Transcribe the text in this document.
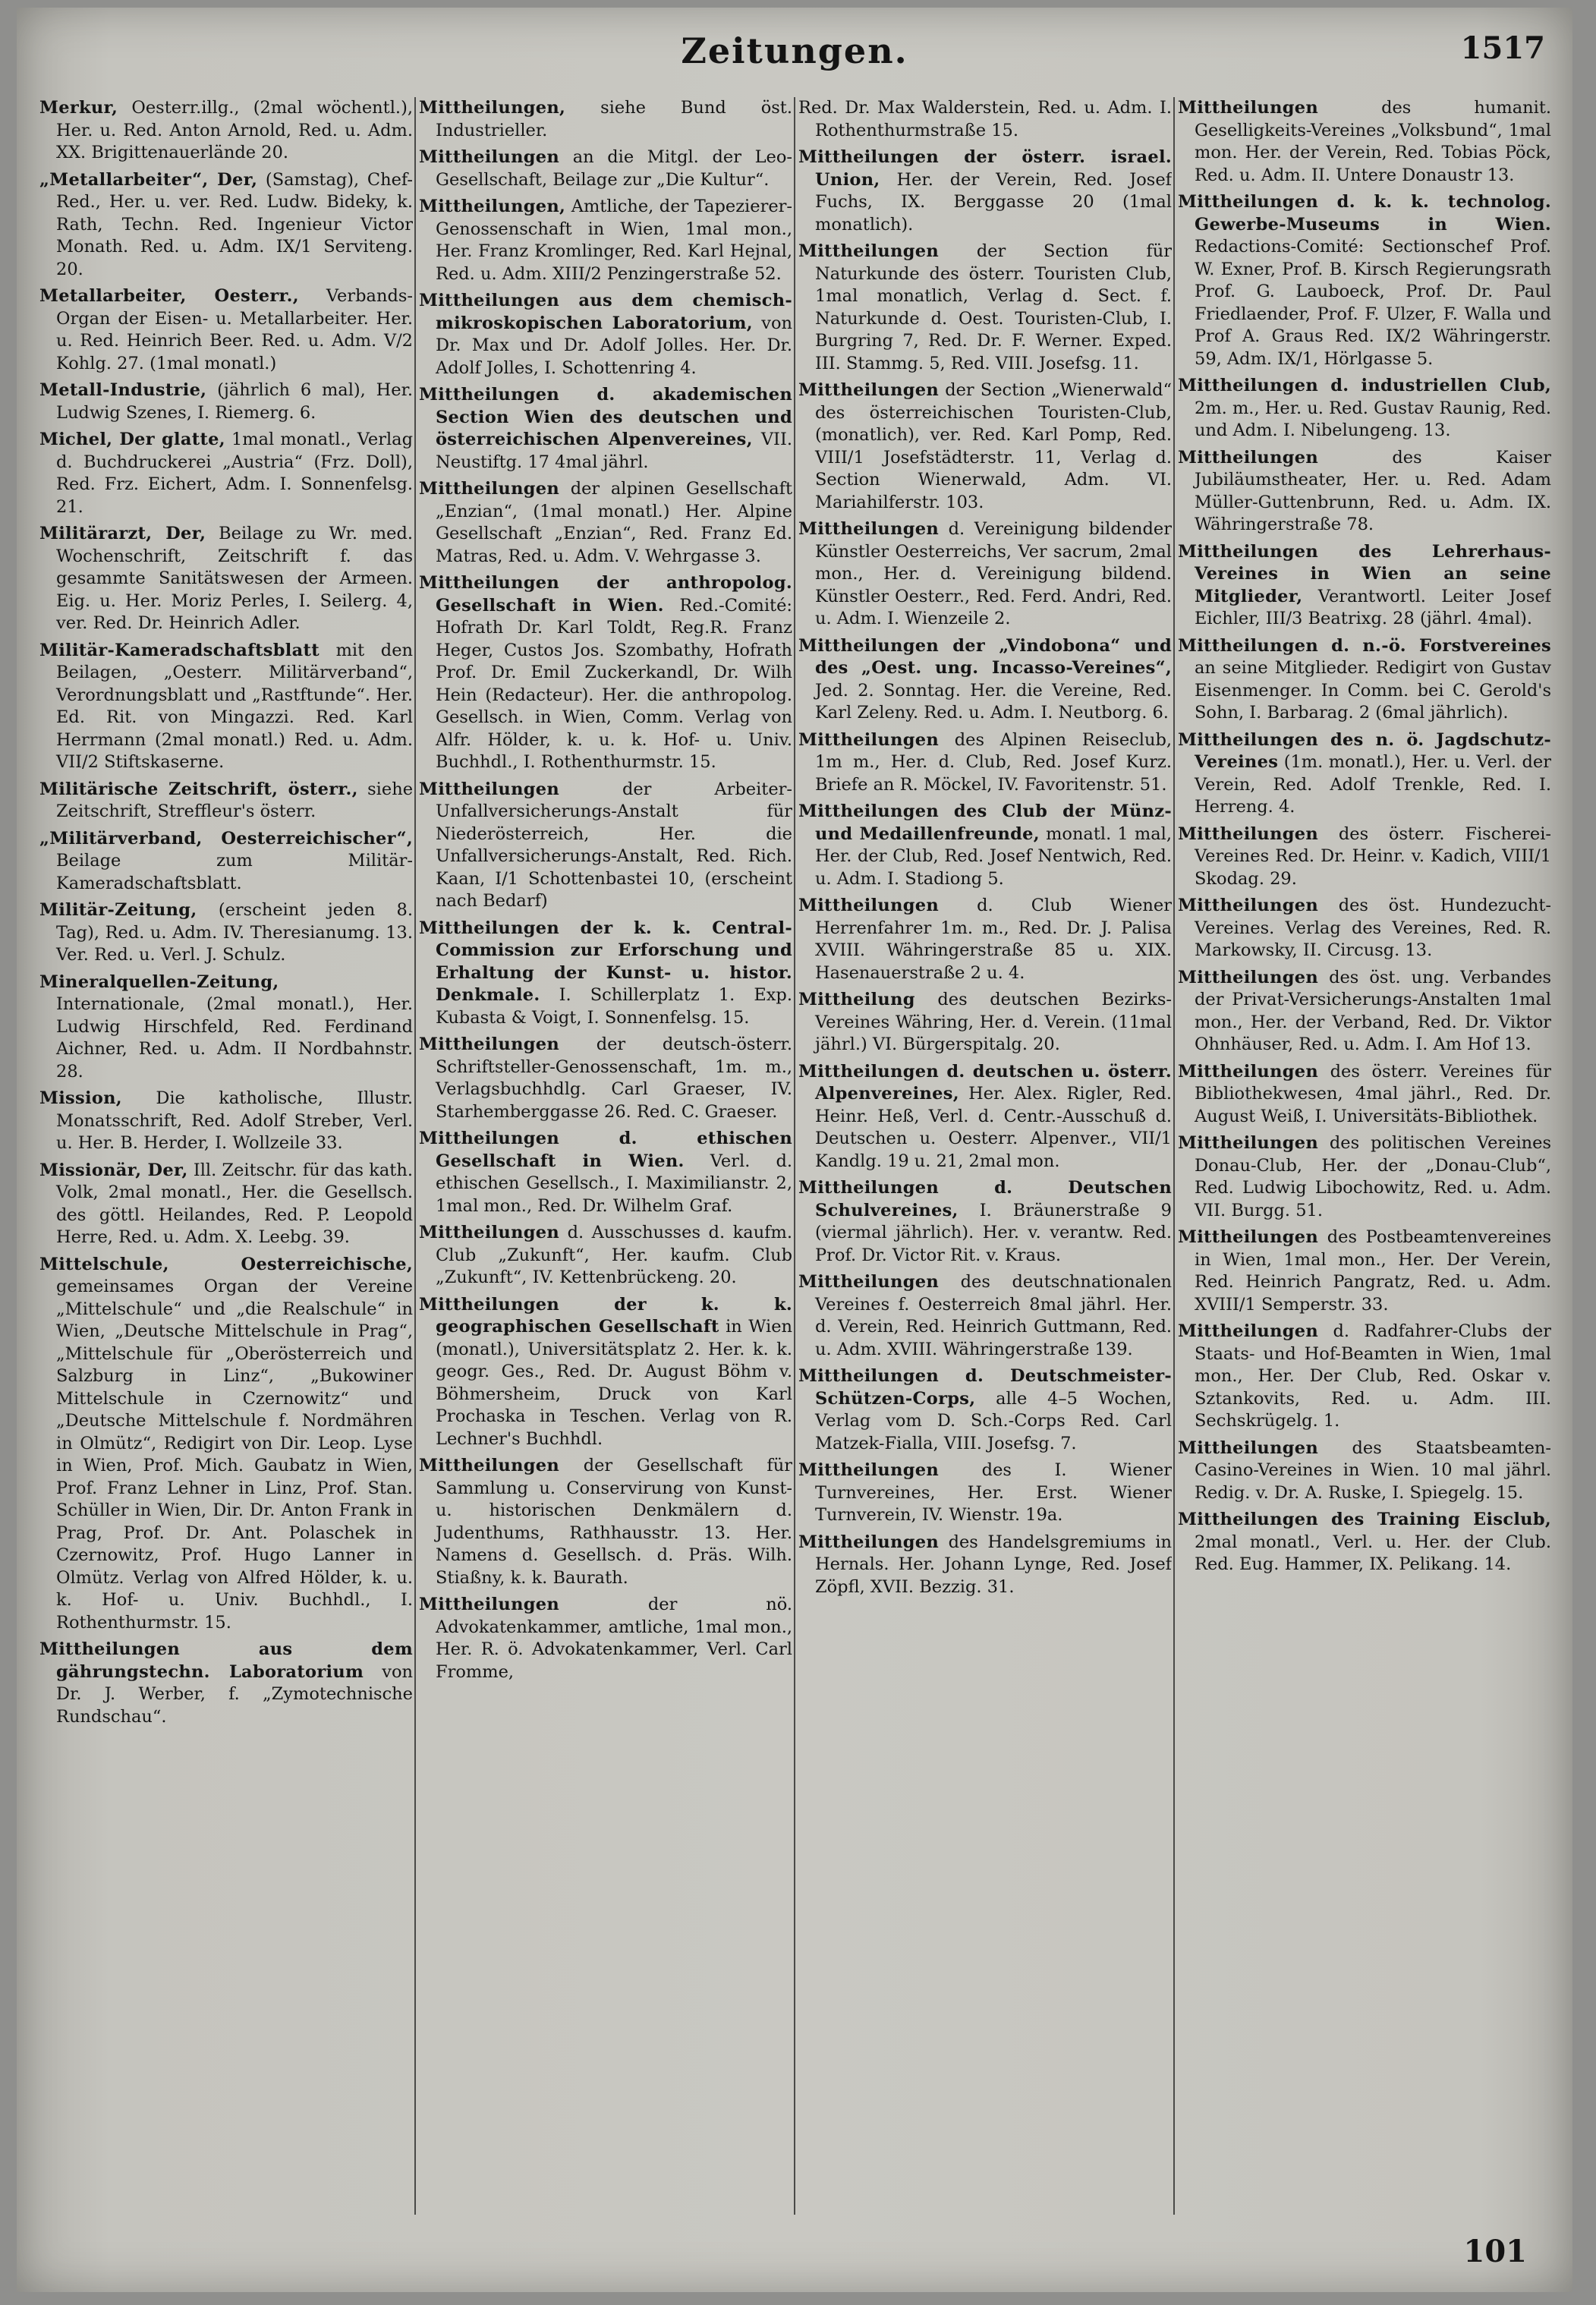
Zeitungen.	1517

Merkur, Oesterr.illg., (2mal wöchentl.), Her. u. Red. Anton Arnold, Red. u. Adm. XX. Brigittenauerlände 20.

„Metallarbeiter“, Der, (Samstag), Chef-Red., Her. u. ver. Red. Ludw. Bideky, k. Rath, Techn. Red. Ingenieur Victor Monath. Red. u. Adm. IX/1 Serviteng. 20.

Metallarbeiter, Oesterr., Verbands-Organ der Eisen- u. Metallarbeiter. Her. u. Red. Heinrich Beer. Red. u. Adm. V/2 Kohlg. 27. (1mal monatl.)

Metall-Industrie, (jährlich 6 mal), Her. Ludwig Szenes, I. Riemerg. 6.

Michel, Der glatte, 1mal monatl., Verlag d. Buchdruckerei „Austria“ (Frz. Doll), Red. Frz. Eichert, Adm. I. Sonnenfelsg. 21.

Militärarzt, Der, Beilage zu Wr. med. Wochenschrift, Zeitschrift f. das gesammte Sanitätswesen der Armeen. Eig. u. Her. Moriz Perles, I. Seilerg. 4, ver. Red. Dr. Heinrich Adler.

Militär-Kameradschaftsblatt mit den Beilagen, „Oesterr. Militärverband“, Verordnungsblatt und „Rastftunde“. Her. Ed. Rit. von Mingazzi. Red. Karl Herrmann (2mal monatl.) Red. u. Adm. VII/2 Stiftskaserne.

Militärische Zeitschrift, österr., siehe Zeitschrift, Streffleur's österr.

„Militärverband, Oesterreichischer“, Beilage zum Militär-Kameradschaftsblatt.

Militär-Zeitung, (erscheint jeden 8. Tag), Red. u. Adm. IV. Theresianumg. 13. Ver. Red. u. Verl. J. Schulz.

Mineralquellen-Zeitung, Internationale, (2mal monatl.), Her. Ludwig Hirschfeld, Red. Ferdinand Aichner, Red. u. Adm. II Nordbahnstr. 28.

Mission, Die katholische, Illustr. Monatsschrift, Red. Adolf Streber, Verl. u. Her. B. Herder, I. Wollzeile 33.

Missionär, Der, Ill. Zeitschr. für das kath. Volk, 2mal monatl., Her. die Gesellsch. des göttl. Heilandes, Red. P. Leopold Herre, Red. u. Adm. X. Leebg. 39.

Mittelschule, Oesterreichische, gemeinsames Organ der Vereine „Mittelschule“ und „die Realschule“ in Wien, „Deutsche Mittelschule in Prag“, „Mittelschule für „Oberösterreich und Salzburg in Linz“, „Bukowiner Mittelschule in Czernowitz“ und „Deutsche Mittelschule f. Nordmähren in Olmütz“, Redigirt von Dir. Leop. Lyse in Wien, Prof. Mich. Gaubatz in Wien, Prof. Franz Lehner in Linz, Prof. Stan. Schüller in Wien, Dir. Dr. Anton Frank in Prag, Prof. Dr. Ant. Polaschek in Czernowitz, Prof. Hugo Lanner in Olmütz. Verlag von Alfred Hölder, k. u. k. Hof- u. Univ. Buchhdl., I. Rothenthurmstr. 15.

Mittheilungen aus dem gährungstechn. Laboratorium von Dr. J. Werber, f. „Zymotechnische Rundschau“.

Mittheilungen, siehe Bund öst. Industrieller.

Mittheilungen an die Mitgl. der Leo-Gesellschaft, Beilage zur „Die Kultur“.

Mittheilungen, Amtliche, der Tapezierer-Genossenschaft in Wien, 1mal mon., Her. Franz Kromlinger, Red. Karl Hejnal, Red. u. Adm. XIII/2 Penzingerstraße 52.

Mittheilungen aus dem chemisch-mikroskopischen Laboratorium, von Dr. Max und Dr. Adolf Jolles. Her. Dr. Adolf Jolles, I. Schottenring 4.

Mittheilungen d. akademischen Section Wien des deutschen und österreichischen Alpenvereines, VII. Neustiftg. 17 4mal jährl.

Mittheilungen der alpinen Gesellschaft „Enzian“, (1mal monatl.) Her. Alpine Gesellschaft „Enzian“, Red. Franz Ed. Matras, Red. u. Adm. V. Wehrgasse 3.

Mittheilungen der anthropolog. Gesellschaft in Wien. Red.-Comité: Hofrath Dr. Karl Toldt, Reg.R. Franz Heger, Custos Jos. Szombathy, Hofrath Prof. Dr. Emil Zuckerkandl, Dr. Wilh Hein (Redacteur). Her. die anthropolog. Gesellsch. in Wien, Comm. Verlag von Alfr. Hölder, k. u. k. Hof- u. Univ. Buchhdl., I. Rothenthurmstr. 15.

Mittheilungen	der Arbeiter-Unfallversicherungs-Anstalt für Niederösterreich, Her. die Unfallversicherungs-Anstalt, Red. Rich. Kaan, I/1 Schottenbastei 10, (erscheint nach Bedarf)

Mittheilungen der k. k. Central-Commission zur Erforschung und Erhaltung der Kunst- u. histor. Denkmale. I. Schillerplatz 1. Exp. Kubasta & Voigt, I. Sonnenfelsg. 15.

Mittheilungen der deutsch-österr. Schriftsteller-Genossenschaft, 1m. m., Verlagsbuchhdlg. Carl Graeser, IV. Starhemberggasse 26. Red. C. Graeser.

Mittheilungen d. ethischen Gesellschaft in Wien. Verl. d. ethischen Gesellsch., I. Maximilianstr. 2, 1mal mon., Red. Dr. Wilhelm Graf.

Mittheilungen d. Ausschusses d. kaufm. Club „Zukunft“, Her. kaufm. Club „Zukunft“, IV. Kettenbrückeng. 20.

Mittheilungen der k. k. geographischen Gesellschaft in Wien (monatl.), Universitätsplatz 2. Her. k. k. geogr. Ges., Red. Dr. August Böhm v. Böhmersheim, Druck von Karl Prochaska in Teschen. Verlag von R. Lechner's Buchhdl.

Mittheilungen der Gesellschaft für Sammlung u. Conservirung von Kunst- u. historischen Denkmälern d. Judenthums, Rathhausstr. 13. Her. Namens d. Gesellsch. d. Präs. Wilh. Stiaßny, k. k. Baurath.

Mittheilungen	der nö. Advokatenkammer, amtliche, 1mal mon., Her. R. ö. Advokatenkammer, Verl. Carl Fromme,

Red. Dr. Max Walderstein, Red. u. Adm. I. Rothenthurmstraße 15.

Mittheilungen der österr. israel. Union, Her. der Verein, Red. Josef Fuchs, IX. Berggasse 20 (1mal monatlich).

Mittheilungen der Section für Naturkunde des österr. Touristen Club, 1mal monatlich, Verlag d. Sect. f. Naturkunde d. Oest. Touristen-Club, I. Burgring 7, Red. Dr. F. Werner. Exped. III. Stammg. 5, Red. VIII. Josefsg. 11.

Mittheilungen der Section „Wienerwald“ des österreichischen Touristen-Club, (monatlich), ver. Red. Karl Pomp, Red. VIII/1 Josefstädterstr. 11, Verlag d. Section Wienerwald, Adm. VI. Mariahilferstr. 103.

Mittheilungen d. Vereinigung bildender Künstler Oesterreichs, Ver sacrum, 2mal mon., Her. d. Vereinigung bildend. Künstler Oesterr., Red. Ferd. Andri, Red. u. Adm. I. Wienzeile 2.

Mittheilungen der „Vindobona“ und des „Oest. ung. Incasso-Vereines“, Jed. 2. Sonntag. Her. die Vereine, Red. Karl Zeleny. Red. u. Adm. I. Neutborg. 6.

Mittheilungen des Alpinen Reiseclub, 1m m., Her. d. Club, Red. Josef Kurz. Briefe an R. Möckel, IV. Favoritenstr. 51.

Mittheilungen des Club der Münz- und Medaillenfreunde, monatl. 1 mal, Her. der Club, Red. Josef Nentwich, Red. u. Adm. I. Stadiong 5.

Mittheilungen d. Club Wiener Herrenfahrer 1m. m., Red. Dr. J. Palisa XVIII. Währingerstraße 85 u. XIX. Hasenauerstraße 2 u. 4.

Mittheilung des deutschen Bezirks-Vereines Währing, Her. d. Verein. (11mal jährl.) VI. Bürgerspitalg. 20.

Mittheilungen d. deutschen u. österr. Alpenvereines, Her. Alex. Rigler, Red. Heinr. Heß, Verl. d. Centr.-Ausschuß d. Deutschen u. Oesterr. Alpenver., VII/1 Kandlg. 19 u. 21, 2mal mon.

Mittheilungen d. Deutschen Schulvereines, I. Bräunerstraße 9 (viermal jährlich). Her. v. verantw. Red. Prof. Dr. Victor Rit. v. Kraus.

Mittheilungen des deutschnationalen Vereines f. Oesterreich 8mal jährl. Her. d. Verein, Red. Heinrich Guttmann, Red. u. Adm. XVIII. Währingerstraße 139.

Mittheilungen d. Deutschmeister-Schützen-Corps, alle 4–5 Wochen, Verlag vom D. Sch.-Corps Red. Carl Matzek-Fialla, VIII. Josefsg. 7.

Mittheilungen	des I. Wiener Turnvereines, Her. Erst. Wiener Turnverein, IV. Wienstr. 19a.

Mittheilungen des Handelsgremiums in Hernals. Her. Johann Lynge, Red. Josef Zöpfl, XVII. Bezzig. 31.

Mittheilungen	des humanit. Geselligkeits-Vereines „Volksbund“, 1mal mon. Her. der Verein, Red. Tobias Pöck, Red. u. Adm. II. Untere Donaustr 13.

Mittheilungen d. k. k. technolog. Gewerbe-Museums in Wien. Redactions-Comité: Sectionschef Prof. W. Exner, Prof. B. Kirsch Regierungsrath Prof. G. Lauboeck, Prof. Dr. Paul Friedlaender, Prof. F. Ulzer, F. Walla und Prof A. Graus Red. IX/2 Währingerstr. 59, Adm. IX/1, Hörlgasse 5.

Mittheilungen d. industriellen Club, 2m. m., Her. u. Red. Gustav Raunig, Red. und Adm. I. Nibelungeng. 13.

Mittheilungen	des Kaiser Jubiläumstheater, Her. u. Red. Adam Müller-Guttenbrunn, Red. u. Adm. IX. Währingerstraße 78.

Mittheilungen des Lehrerhaus-Vereines in Wien an seine Mitglieder, Verantwortl. Leiter Josef Eichler, III/3 Beatrixg. 28 (jährl. 4mal).

Mittheilungen d. n.-ö. Forstvereines an seine Mitglieder. Redigirt von Gustav Eisenmenger. In Comm. bei C. Gerold's Sohn, I. Barbarag. 2 (6mal jährlich).

Mittheilungen des n. ö. Jagdschutz-Vereines (1m. monatl.), Her. u. Verl. der Verein, Red. Adolf Trenkle, Red. I. Herreng. 4.

Mittheilungen des österr. Fischerei-Vereines Red. Dr. Heinr. v. Kadich, VIII/1 Skodag. 29.

Mittheilungen des öst. Hundezucht-Vereines. Verlag des Vereines, Red. R. Markowsky, II. Circusg. 13.

Mittheilungen des öst. ung. Verbandes der Privat-Versicherungs-Anstalten 1mal mon., Her. der Verband, Red. Dr. Viktor Ohnhäuser, Red. u. Adm. I. Am Hof 13.

Mittheilungen des österr. Vereines für Bibliothekwesen, 4mal jährl., Red. Dr. August Weiß, I. Universitäts-Bibliothek.

Mittheilungen des politischen Vereines Donau-Club, Her. der „Donau-Club“, Red. Ludwig Libochowitz, Red. u. Adm. VII. Burgg. 51.

Mittheilungen des Postbeamtenvereines in Wien, 1mal mon., Her. Der Verein, Red. Heinrich Pangratz, Red. u. Adm. XVIII/1 Semperstr. 33.

Mittheilungen d. Radfahrer-Clubs der Staats- und Hof-Beamten in Wien, 1mal mon., Her. Der Club, Red. Oskar v. Sztankovits, Red. u. Adm. III. Sechskrügelg. 1.

Mittheilungen des Staatsbeamten-Casino-Vereines in Wien. 10 mal jährl. Redig. v. Dr. A. Ruske, I. Spiegelg. 15.

Mittheilungen des Training Eisclub, 2mal monatl., Verl. u. Her. der Club. Red. Eug. Hammer, IX. Pelikang. 14.

101
